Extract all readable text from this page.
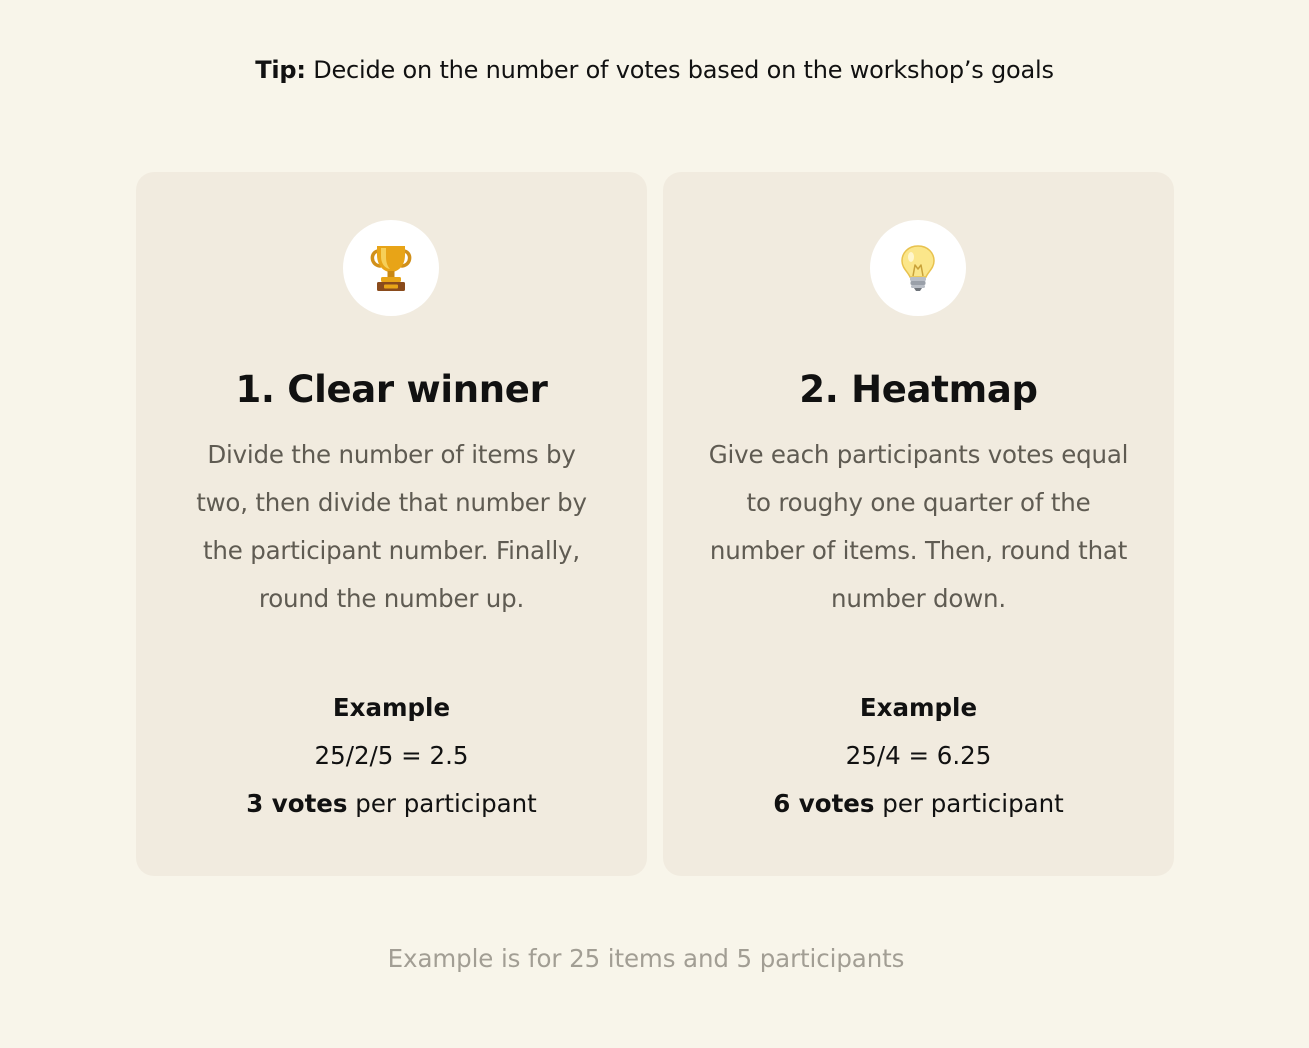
Tip: Decide on the number of votes based on the workshop’s goals
1. Clear winner
Divide the number of items by two, then divide that number by the participant number. Finally, round the number up.
Example
25/2/5 = 2.5
3 votes per participant
2. Heatmap
Give each participants votes equal to roughy one quarter of the number of items. Then, round that number down.
Example
25/4 = 6.25
6 votes per participant
Example is for 25 items and 5 participants
